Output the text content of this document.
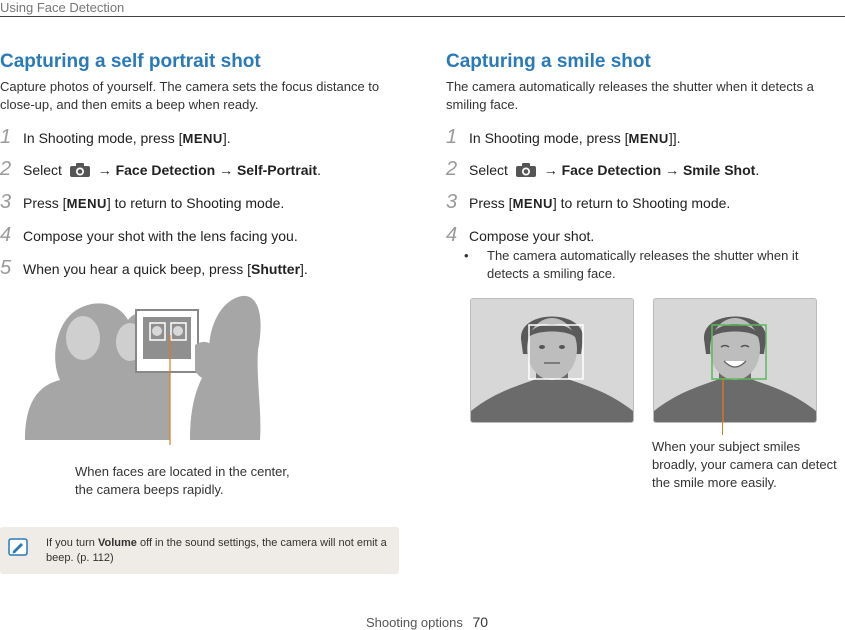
Using Face Detection
Capturing a self portrait shot

Capture photos of yourself. The camera sets the focus distance to close-up, and then emits a beep when ready.

1 In Shooting mode, press [MENU].
2 Select	→ Face Detection → Self-Portrait.
3 Press [MENU] to return to Shooting mode.
4 Compose your shot with the lens facing you.
5 When you hear a quick beep, press [Shutter].
When faces are located in the center, the camera beeps rapidly.
If you turn Volume off in the sound settings, the camera will not emit a beep. (p. 112)
Capturing a smile shot

The camera automatically releases the shutter when it detects a smiling face.

1 In Shooting mode, press [MENU]].
2 Select	→ Face Detection → Smile Shot.
3 Press [MENU] to return to Shooting mode.
4 Compose your shot.
•	The camera automatically releases the shutter when it detects a smiling face.
When your subject smiles broadly, your camera can detect the smile more easily.
Shooting options 70
